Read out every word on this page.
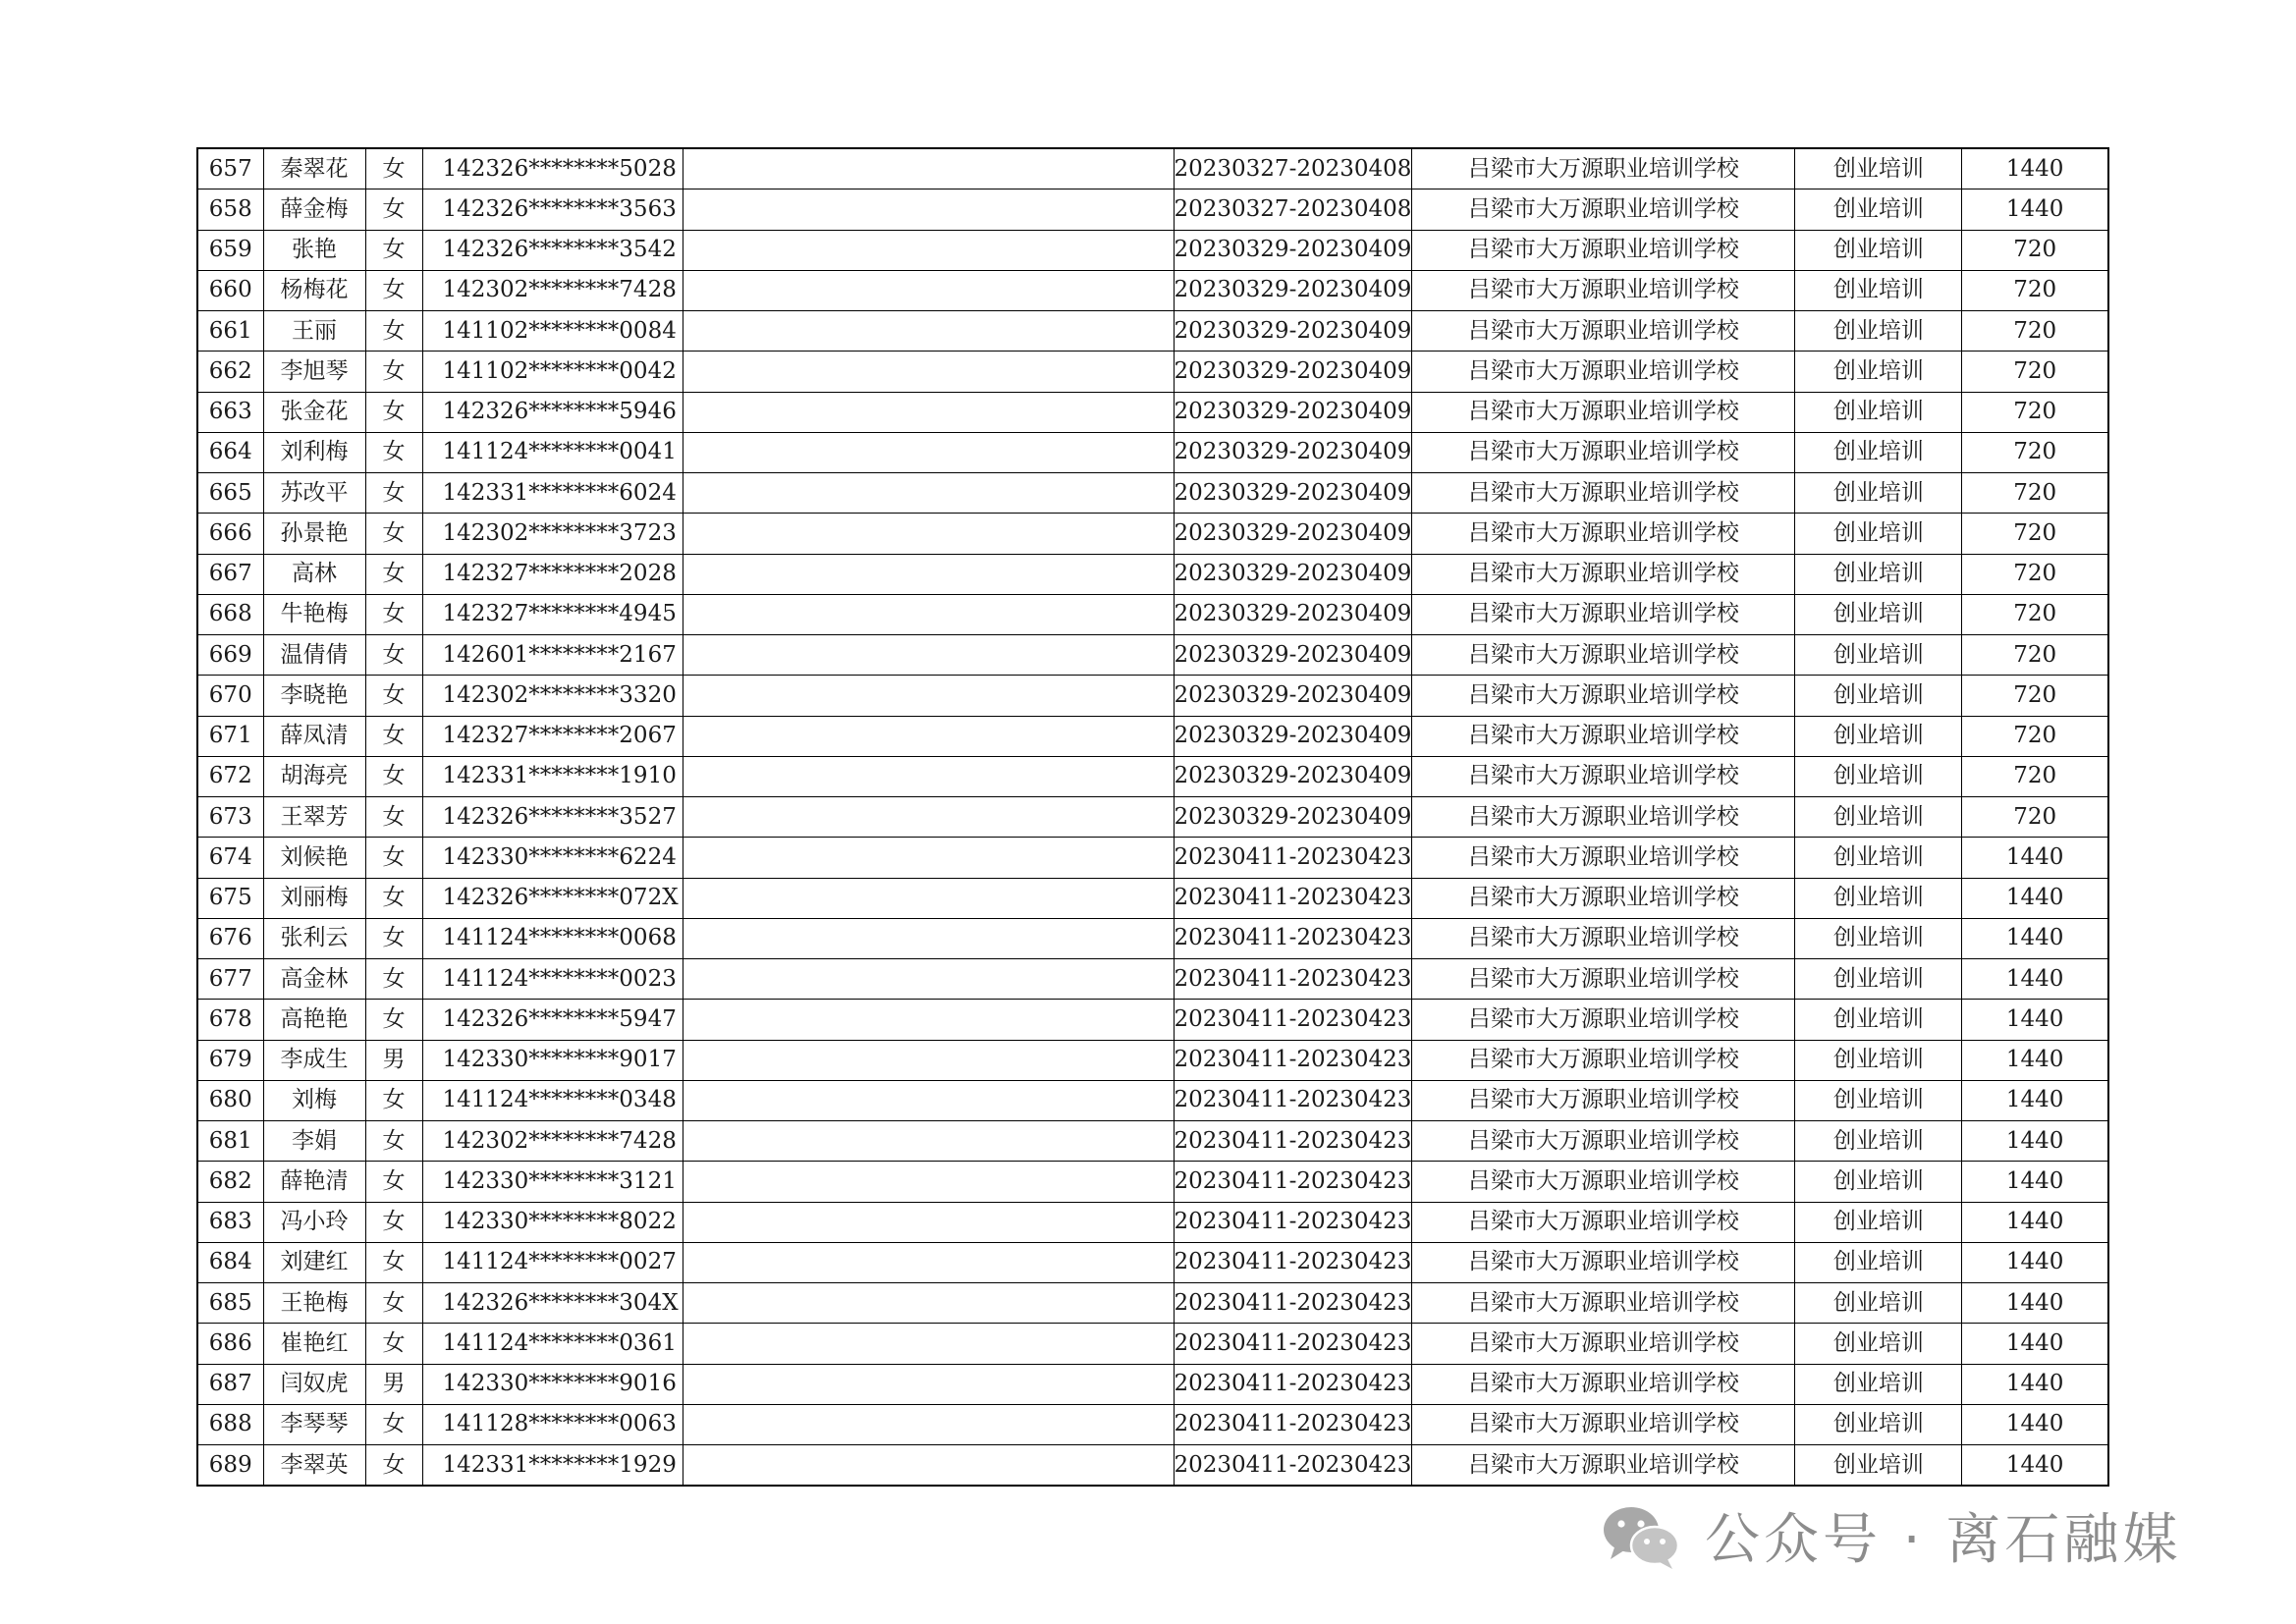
657	秦翠花	女	142326********5028		20230327-20230408	吕梁市大万源职业培训学校	创业培训	1440
658	薛金梅	女	142326********3563		20230327-20230408	吕梁市大万源职业培训学校	创业培训	1440
659	张艳	女	142326********3542		20230329-20230409	吕梁市大万源职业培训学校	创业培训	720
660	杨梅花	女	142302********7428		20230329-20230409	吕梁市大万源职业培训学校	创业培训	720
661	王丽	女	141102********0084		20230329-20230409	吕梁市大万源职业培训学校	创业培训	720
662	李旭琴	女	141102********0042		20230329-20230409	吕梁市大万源职业培训学校	创业培训	720
663	张金花	女	142326********5946		20230329-20230409	吕梁市大万源职业培训学校	创业培训	720
664	刘利梅	女	141124********0041		20230329-20230409	吕梁市大万源职业培训学校	创业培训	720
665	苏改平	女	142331********6024		20230329-20230409	吕梁市大万源职业培训学校	创业培训	720
666	孙景艳	女	142302********3723		20230329-20230409	吕梁市大万源职业培训学校	创业培训	720
667	高林	女	142327********2028		20230329-20230409	吕梁市大万源职业培训学校	创业培训	720
668	牛艳梅	女	142327********4945		20230329-20230409	吕梁市大万源职业培训学校	创业培训	720
669	温倩倩	女	142601********2167		20230329-20230409	吕梁市大万源职业培训学校	创业培训	720
670	李晓艳	女	142302********3320		20230329-20230409	吕梁市大万源职业培训学校	创业培训	720
671	薛凤清	女	142327********2067		20230329-20230409	吕梁市大万源职业培训学校	创业培训	720
672	胡海亮	女	142331********1910		20230329-20230409	吕梁市大万源职业培训学校	创业培训	720
673	王翠芳	女	142326********3527		20230329-20230409	吕梁市大万源职业培训学校	创业培训	720
674	刘候艳	女	142330********6224		20230411-20230423	吕梁市大万源职业培训学校	创业培训	1440
675	刘丽梅	女	142326********072X		20230411-20230423	吕梁市大万源职业培训学校	创业培训	1440
676	张利云	女	141124********0068		20230411-20230423	吕梁市大万源职业培训学校	创业培训	1440
677	高金林	女	141124********0023		20230411-20230423	吕梁市大万源职业培训学校	创业培训	1440
678	高艳艳	女	142326********5947		20230411-20230423	吕梁市大万源职业培训学校	创业培训	1440
679	李成生	男	142330********9017		20230411-20230423	吕梁市大万源职业培训学校	创业培训	1440
680	刘梅	女	141124********0348		20230411-20230423	吕梁市大万源职业培训学校	创业培训	1440
681	李娟	女	142302********7428		20230411-20230423	吕梁市大万源职业培训学校	创业培训	1440
682	薛艳清	女	142330********3121		20230411-20230423	吕梁市大万源职业培训学校	创业培训	1440
683	冯小玲	女	142330********8022		20230411-20230423	吕梁市大万源职业培训学校	创业培训	1440
684	刘建红	女	141124********0027		20230411-20230423	吕梁市大万源职业培训学校	创业培训	1440
685	王艳梅	女	142326********304X		20230411-20230423	吕梁市大万源职业培训学校	创业培训	1440
686	崔艳红	女	141124********0361		20230411-20230423	吕梁市大万源职业培训学校	创业培训	1440
687	闫奴虎	男	142330********9016		20230411-20230423	吕梁市大万源职业培训学校	创业培训	1440
688	李琴琴	女	141128********0063		20230411-20230423	吕梁市大万源职业培训学校	创业培训	1440
689	李翠英	女	142331********1929		20230411-20230423	吕梁市大万源职业培训学校	创业培训	1440
公众号 · 离石融媒
